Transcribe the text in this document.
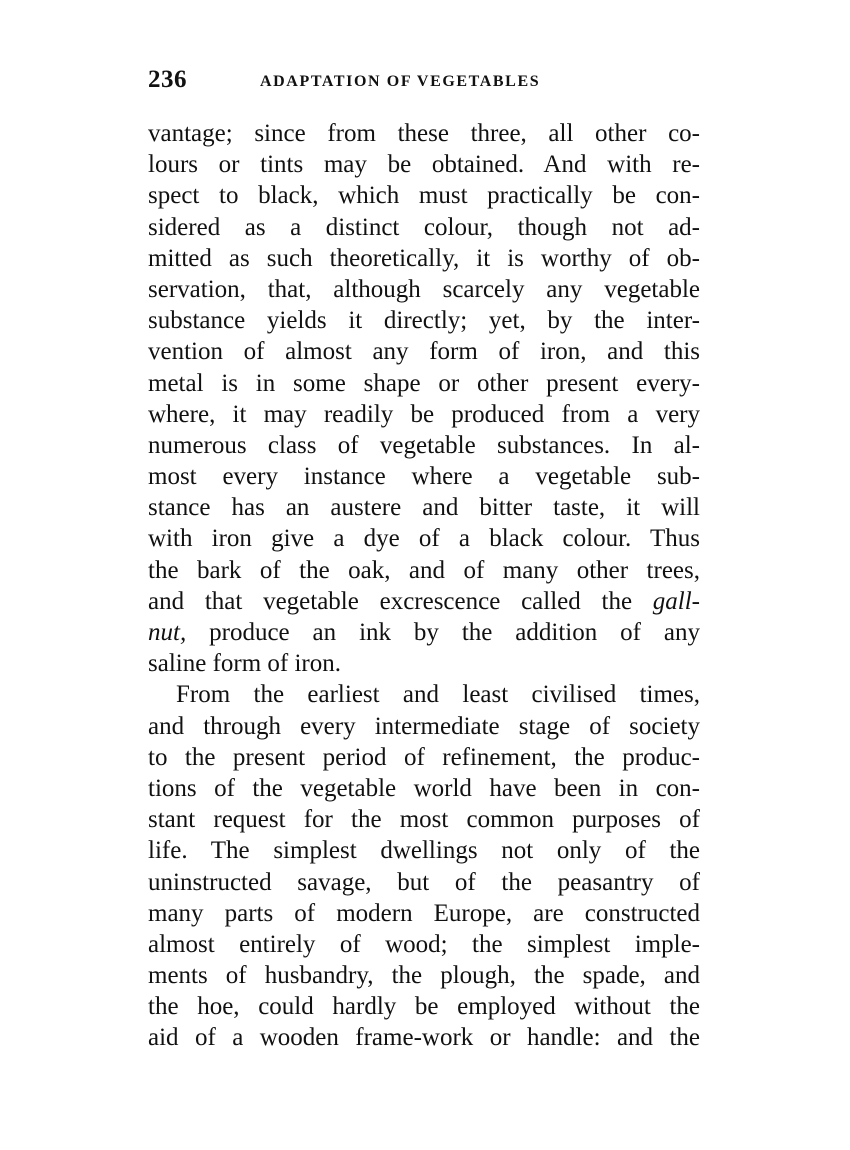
236	ADAPTATION OF VEGETABLES
vantage; since from these three, all other co-
lours or tints may be obtained. And with re-
spect to black, which must practically be con-
sidered as a distinct colour, though not ad-
mitted as such theoretically, it is worthy of ob-
servation, that, although scarcely any vegetable
substance yields it directly; yet, by the inter-
vention of almost any form of iron, and this
metal is in some shape or other present every-
where, it may readily be produced from a very
numerous class of vegetable substances. In al-
most every instance where a vegetable sub-
stance has an austere and bitter taste, it will
with iron give a dye of a black colour. Thus
the bark of the oak, and of many other trees,
and that vegetable excrescence called the gall-
nut, produce an ink by the addition of any
saline form of iron.
From the earliest and least civilised times,
and through every intermediate stage of society
to the present period of refinement, the produc-
tions of the vegetable world have been in con-
stant request for the most common purposes of
life. The simplest dwellings not only of the
uninstructed savage, but of the peasantry of
many parts of modern Europe, are constructed
almost entirely of wood; the simplest imple-
ments of husbandry, the plough, the spade, and
the hoe, could hardly be employed without the
aid of a wooden frame-work or handle: and the
